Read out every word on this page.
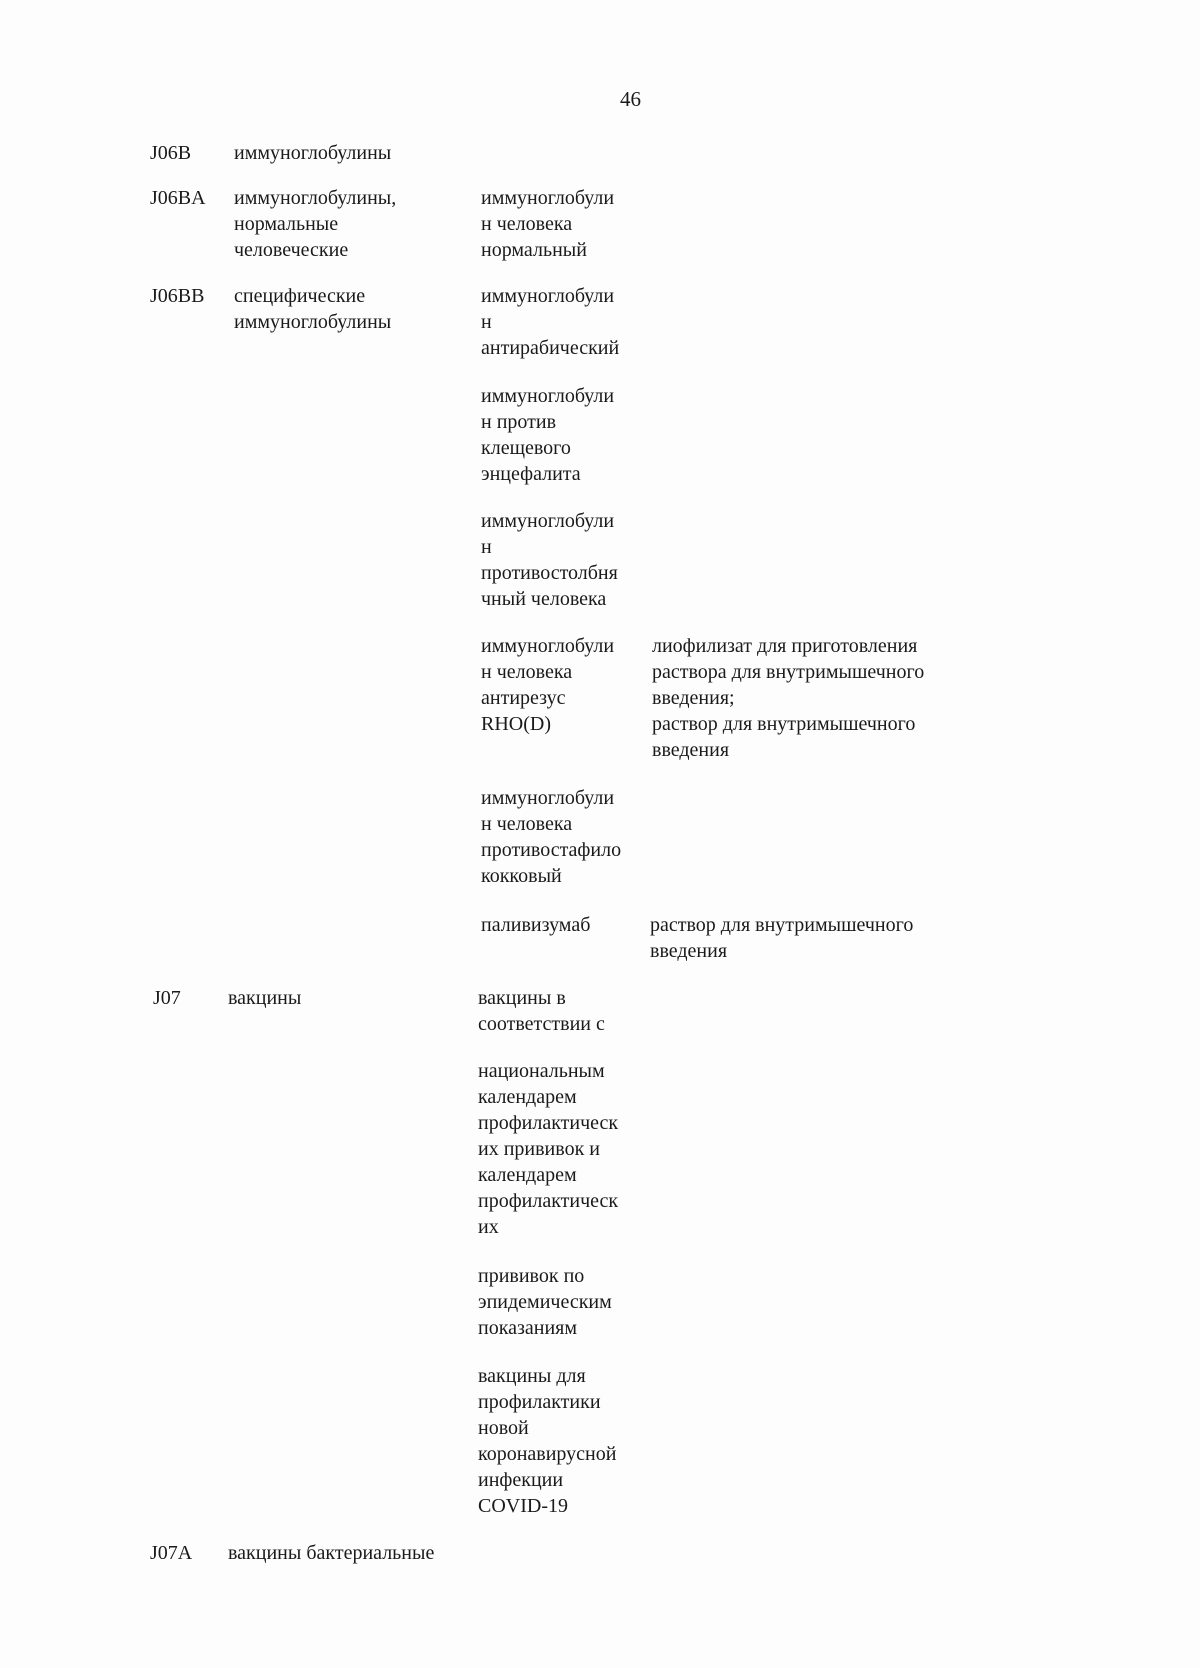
46
J06B иммуноглобулины
J06BA иммуноглобулины,
нормальные
человеческие
иммуноглобули
н человека
нормальный
J06BB специфические
иммуноглобулины
иммуноглобули
н
антирабический
иммуноглобули
н против
клещевого
энцефалита
иммуноглобули
н
противостолбня
чный человека
иммуноглобули
н человека
антирезус
RHO(D)
лиофилизат для приготовления
раствора для внутримышечного
введения;
раствор для внутримышечного
введения
иммуноглобули
н человека
противостафило
кокковый
паливизумаб	раствор для внутримышечного
введения
J07 вакцины	вакцины в
соответствии с
национальным
календарем
профилактическ
их прививок и
календарем
профилактическ
их
прививок по
эпидемическим
показаниям
вакцины для
профилактики
новой
коронавирусной
инфекции
COVID-19
J07A вакцины бактериальные
